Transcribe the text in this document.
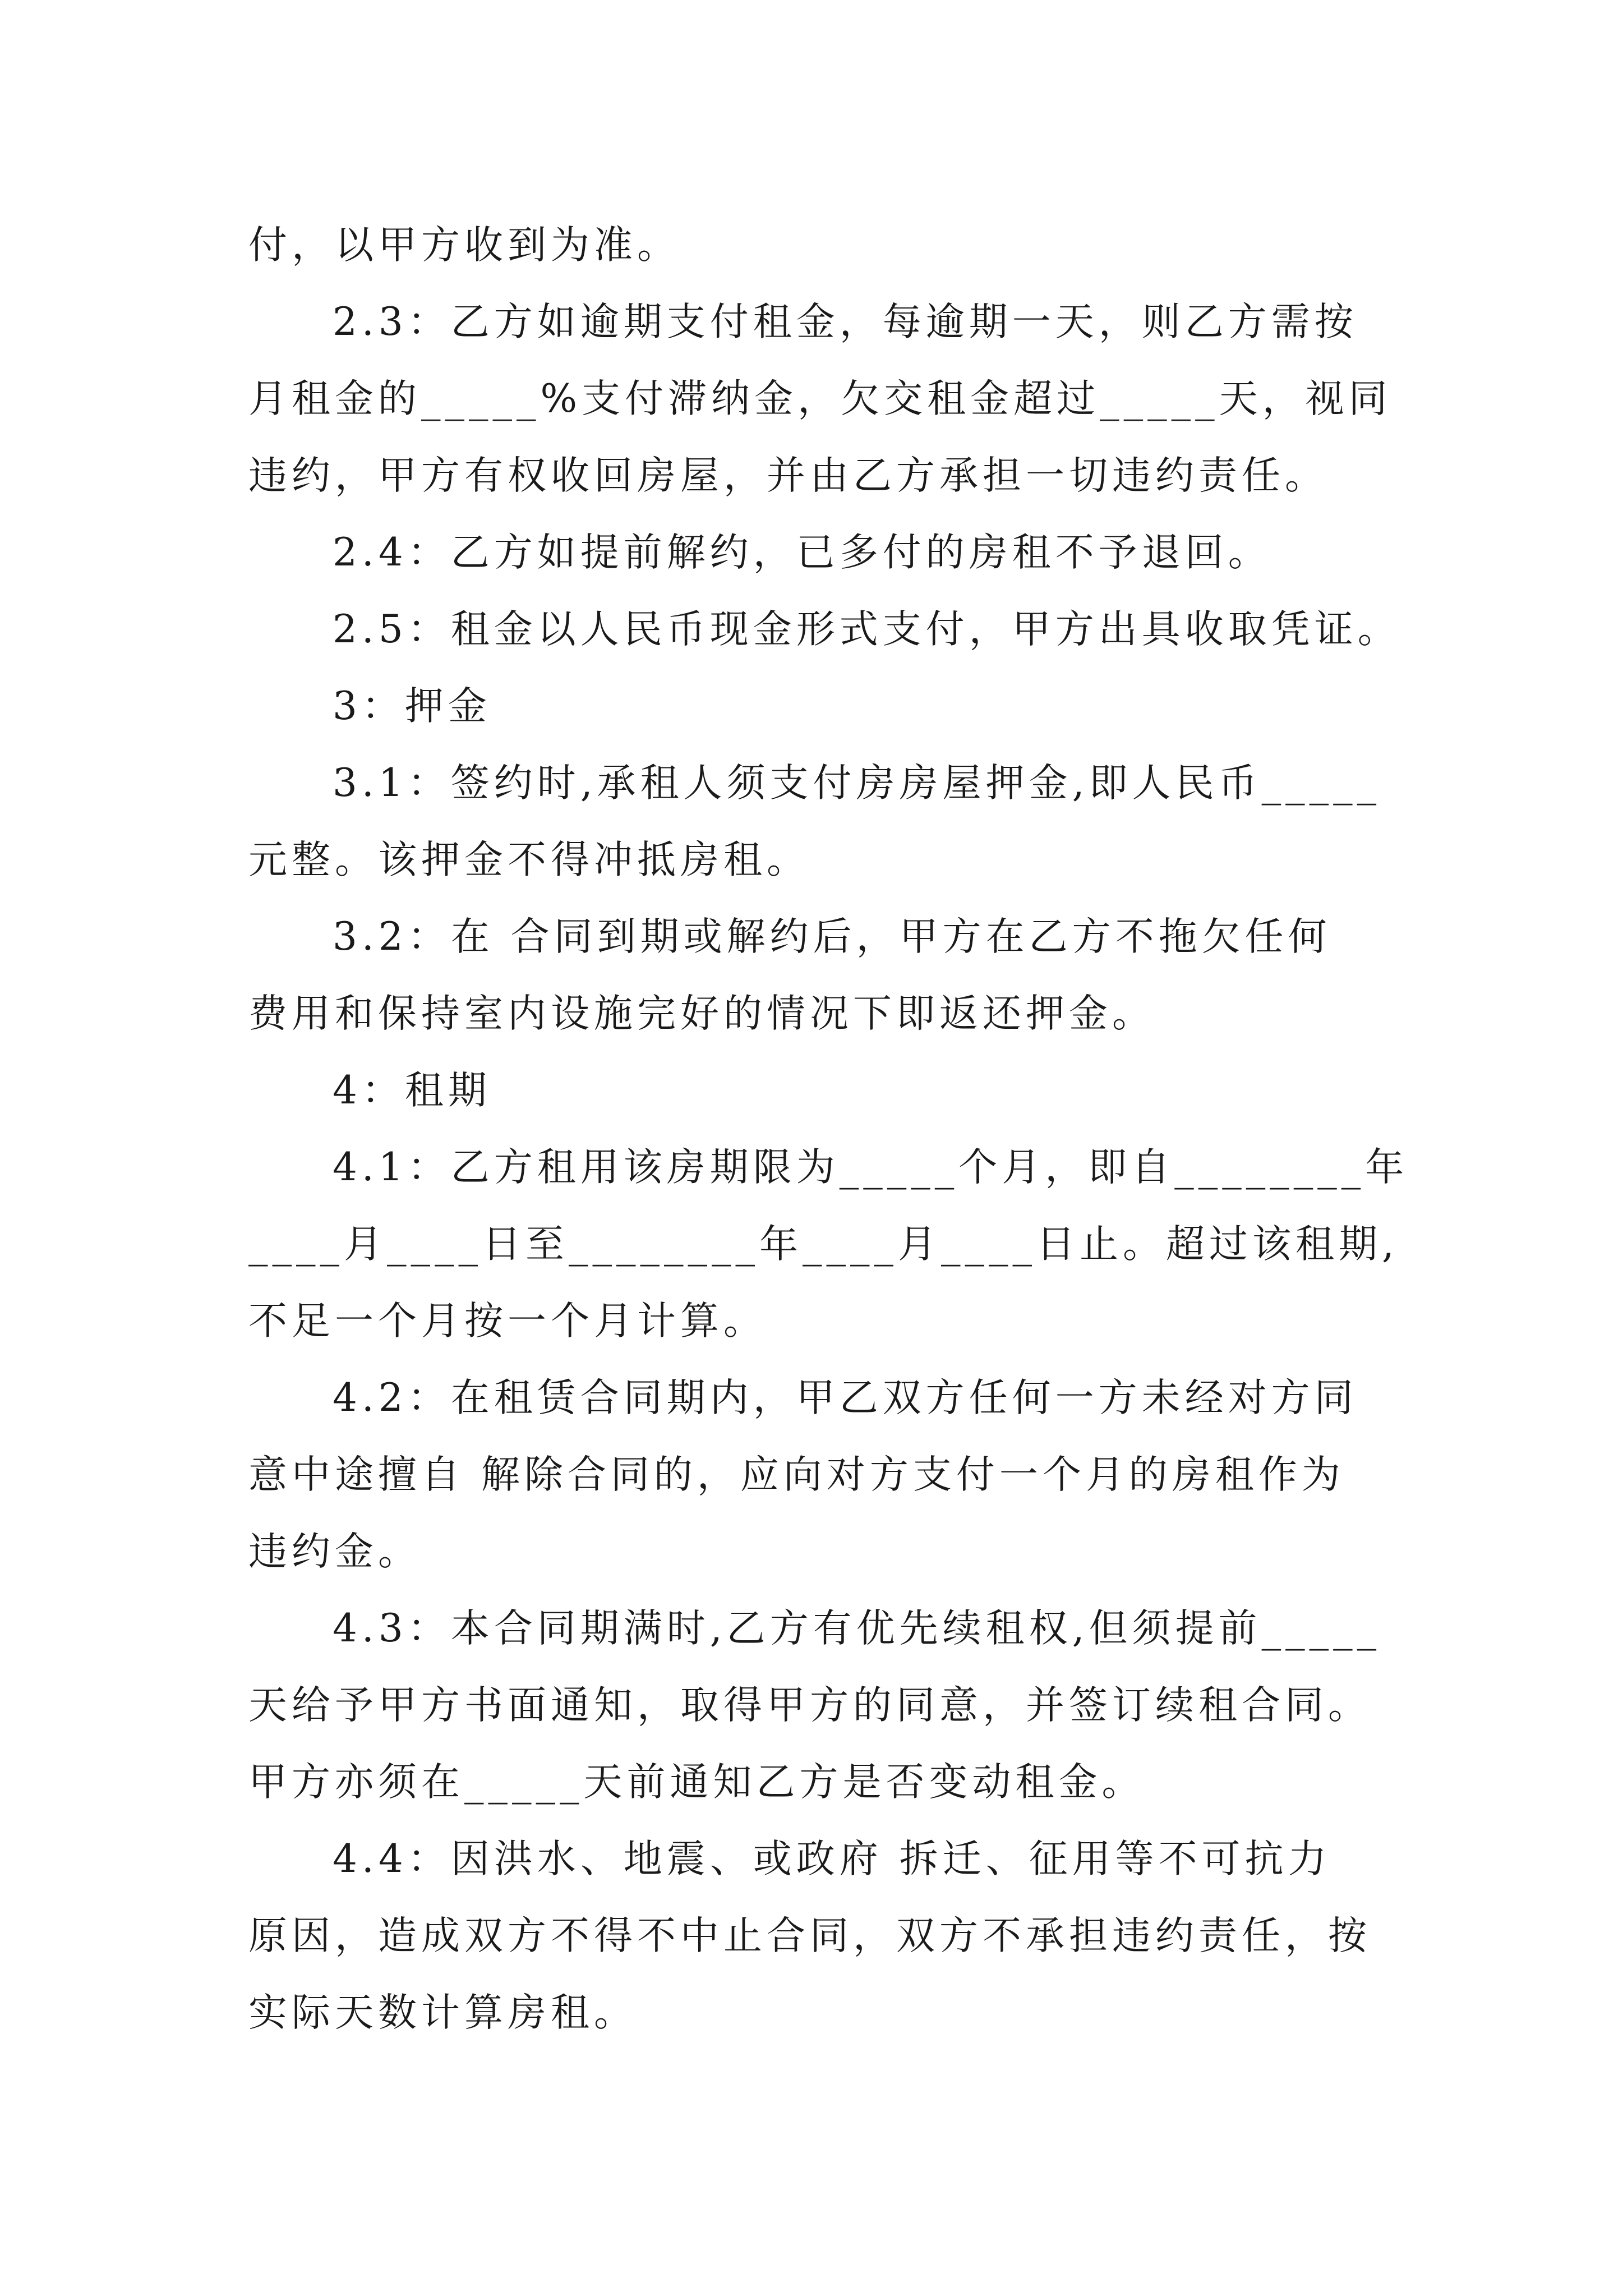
付，以甲方收到为准。
2.3：乙方如逾期支付租金，每逾期一天，则乙方需按
月租金的_____%支付滞纳金，欠交租金超过_____天，视同
违约，甲方有权收回房屋，并由乙方承担一切违约责任。
2.4：乙方如提前解约，已多付的房租不予退回。
2.5：租金以人民币现金形式支付，甲方出具收取凭证。
3：押金
3.1：签约时,承租人须支付房房屋押金,即人民币_____
元整。该押金不得冲抵房租。
3.2：在 合同到期或解约后，甲方在乙方不拖欠任何
费用和保持室内设施完好的情况下即返还押金。
4：租期
4.1：乙方租用该房期限为_____个月，即自________年
____月____日至________年____月____日止。超过该租期,
不足一个月按一个月计算。
4.2：在租赁合同期内，甲乙双方任何一方未经对方同
意中途擅自 解除合同的，应向对方支付一个月的房租作为
违约金。
4.3：本合同期满时,乙方有优先续租权,但须提前_____
天给予甲方书面通知，取得甲方的同意，并签订续租合同。
甲方亦须在_____天前通知乙方是否变动租金。
4.4：因洪水、地震、或政府 拆迁、征用等不可抗力
原因，造成双方不得不中止合同，双方不承担违约责任，按
实际天数计算房租。
